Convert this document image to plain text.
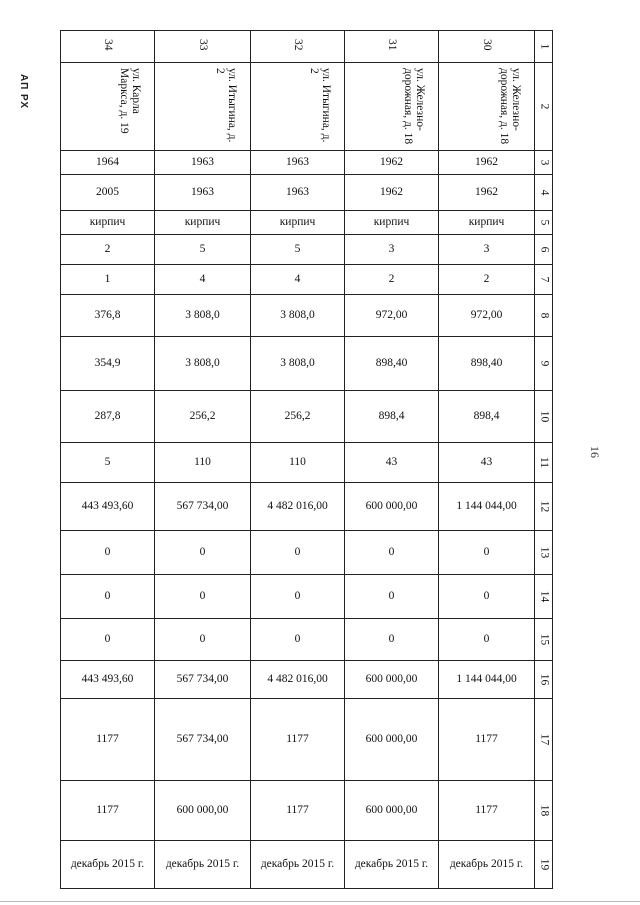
АП РХ
16
34	33	32	31	30	1

ул. Карла Маркса, д. 19	ул. Итыгина, д. 2	ул. Итыгина, д. 2	ул. Железно-дорожная, д. 18	ул. Железно-дорожная, д. 18	2
1964	1963	1963	1962	1962	3
2005	1963	1963	1962	1962	4
кирпич	кирпич	кирпич	кирпич	кирпич	5
2	5	5	3	3	6
1	4	4	2	2	7
376,8	3 808,0	3 808,0	972,00	972,00	8
354,9	3 808,0	3 808,0	898,40	898,40	9
287,8	256,2	256,2	898,4	898,4	10
5	110	110	43	43	11
443 493,60	567 734,00	4 482 016,00	600 000,00	1 144 044,00	12
0	0	0	0	0	13
0	0	0	0	0	14
0	0	0	0	0	15
443 493,60	567 734,00	4 482 016,00	600 000,00	1 144 044,00	16
1177	567 734,00	1177	600 000,00	1177	17
1177	600 000,00	1177	600 000,00	1177	18
декабрь 2015 г.	декабрь 2015 г.	декабрь 2015 г.	декабрь 2015 г.	декабрь 2015 г.	19
